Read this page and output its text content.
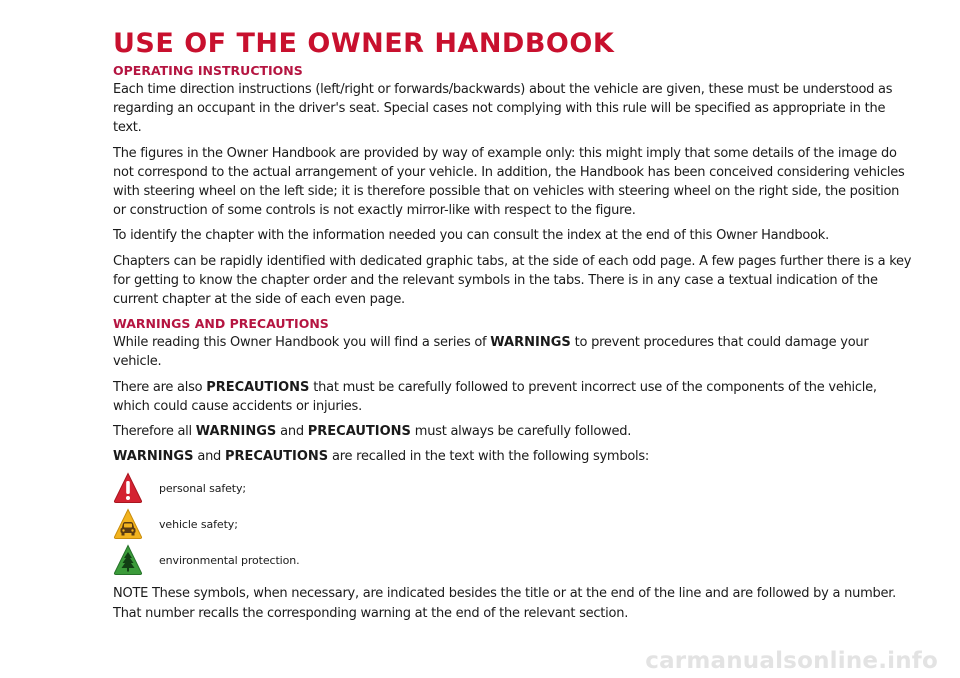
USE OF THE OWNER HANDBOOK
OPERATING INSTRUCTIONS

Each time direction instructions (left/right or forwards/backwards) about the vehicle are given, these must be understood as regarding an occupant in the driver's seat. Special cases not complying with this rule will be specified as appropriate in the text.

The figures in the Owner Handbook are provided by way of example only: this might imply that some details of the image do not correspond to the actual arrangement of your vehicle. In addition, the Handbook has been conceived considering vehicles with steering wheel on the left side; it is therefore possible that on vehicles with steering wheel on the right side, the position or construction of some controls is not exactly mirror-like with respect to the figure.

To identify the chapter with the information needed you can consult the index at the end of this Owner Handbook.

Chapters can be rapidly identified with dedicated graphic tabs, at the side of each odd page. A few pages further there is a key for getting to know the chapter order and the relevant symbols in the tabs. There is in any case a textual indication of the current chapter at the side of each even page.

WARNINGS AND PRECAUTIONS

While reading this Owner Handbook you will find a series of WARNINGS to prevent procedures that could damage your vehicle.

There are also PRECAUTIONS that must be carefully followed to prevent incorrect use of the components of the vehicle, which could cause accidents or injuries.

Therefore all WARNINGS and PRECAUTIONS must always be carefully followed.

WARNINGS and PRECAUTIONS are recalled in the text with the following symbols:

personal safety;
vehicle safety;
environmental protection.

NOTE These symbols, when necessary, are indicated besides the title or at the end of the line and are followed by a number. That number recalls the corresponding warning at the end of the relevant section.

carmanualsonline.info
